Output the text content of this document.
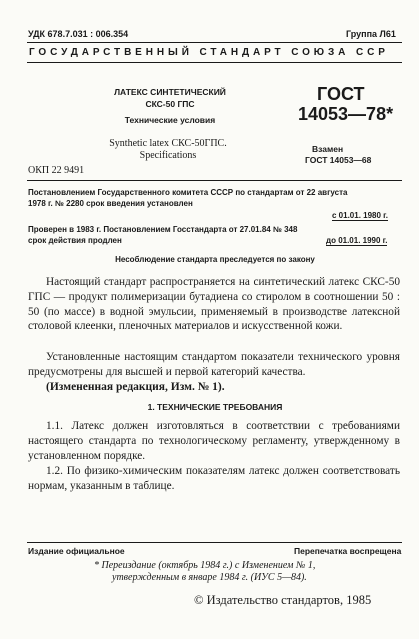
УДК 678.7.031 : 006.354	Группа Л61
ГОСУДАРСТВЕННЫЙ СТАНДАРТ СОЮЗА ССР
ЛАТЕКС СИНТЕТИЧЕСКИЙ
СКС-50 ГПС
Технические условия
Synthetic latex СКС-50ГПС.
Specifications
ОКП 22 9491
ГОСТ
14053—78*
Взамен
ГОСТ 14053—68
Постановлением Государственного комитета СССР по стандартам от 22 августа
1978 г. № 2280 срок введения установлен
с 01.01. 1980 г.
Проверен в 1983 г. Постановлением Госстандарта от 27.01.84 № 348
срок действия продлен	до 01.01. 1990 г.
Несоблюдение стандарта преследуется по закону
Настоящий стандарт распространяется на синтетический латекс СКС-50 ГПС — продукт полимеризации бутадиена со стиролом в соотношении 50 : 50 (по массе) в водной эмульсии, применяемый в производстве латексной столовой клеенки, пленочных материалов и искусственной кожи.
Установленные настоящим стандартом показатели технического уровня предусмотрены для высшей и первой категорий качества.
(Измененная редакция, Изм. № 1).
1. ТЕХНИЧЕСКИЕ ТРЕБОВАНИЯ
1.1. Латекс должен изготовляться в соответствии с требованиями настоящего стандарта по технологическому регламенту, утвержденному в установленном порядке.
1.2. По физико-химическим показателям латекс должен соответствовать нормам, указанным в таблице.
Издание официальное	Перепечатка воспрещена
* Переиздание (октябрь 1984 г.) с Изменением № 1,
утвержденным в январе 1984 г. (ИУС 5—84).
© Издательство стандартов, 1985
